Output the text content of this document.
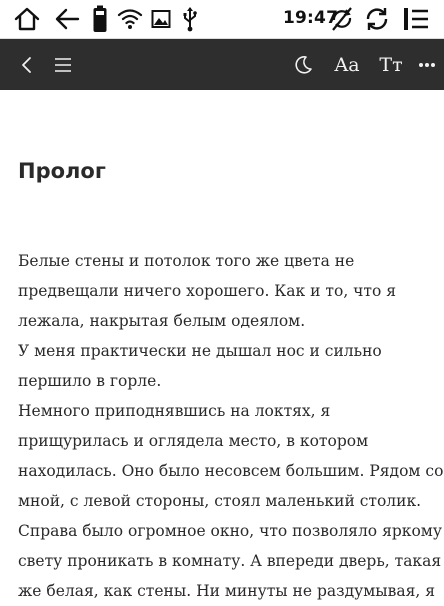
19:47
Aa Tт
Пролог
Белые стены и потолок того же цвета не
предвещали ничего хорошего. Как и то, что я
лежала, накрытая белым одеялом.
У меня практически не дышал нос и сильно
першило в горле.
Немного приподнявшись на локтях, я
прищурилась и оглядела место, в котором
находилась. Оно было несовсем большим. Рядом со
мной, с левой стороны, стоял маленький столик.
Справа было огромное окно, что позволяло яркому
свету проникать в комнату. А впереди дверь, такая
же белая, как стены. Ни минуты не раздумывая, я
